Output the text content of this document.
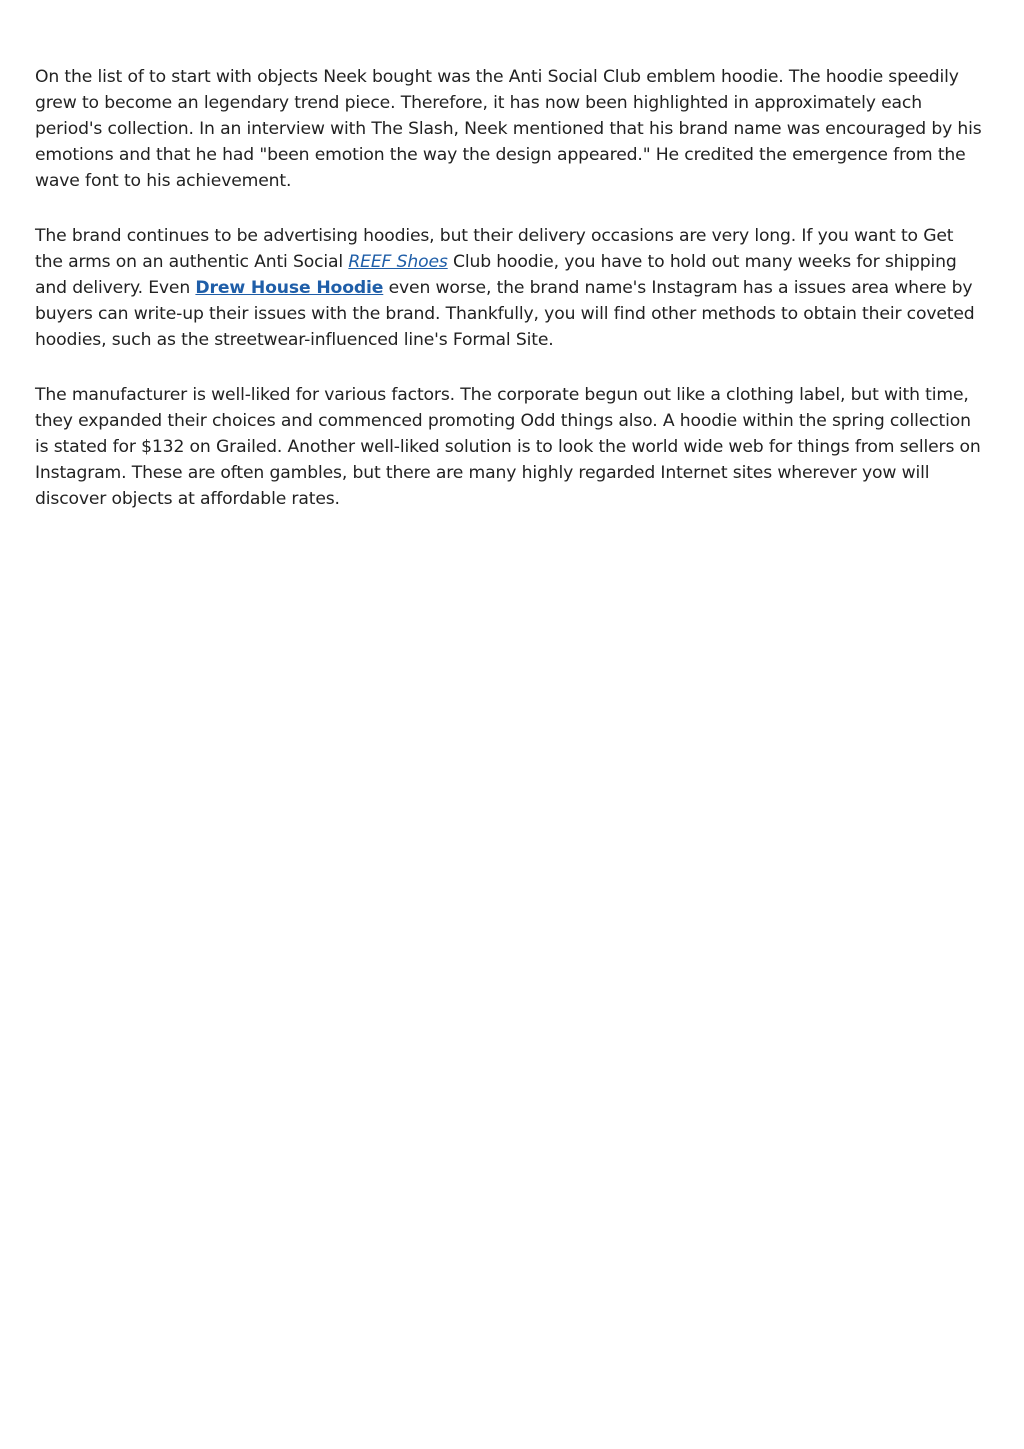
On the list of to start with objects Neek bought was the Anti Social Club emblem hoodie. The hoodie speedily grew to become an legendary trend piece. Therefore, it has now been highlighted in approximately each period's collection. In an interview with The Slash, Neek mentioned that his brand name was encouraged by his emotions and that he had "been emotion the way the design appeared." He credited the emergence from the wave font to his achievement.

The brand continues to be advertising hoodies, but their delivery occasions are very long. If you want to Get the arms on an authentic Anti Social REEF Shoes Club hoodie, you have to hold out many weeks for shipping and delivery. Even Drew House Hoodie even worse, the brand name's Instagram has a issues area where by buyers can write-up their issues with the brand. Thankfully, you will find other methods to obtain their coveted hoodies, such as the streetwear-influenced line's Formal Site.

The manufacturer is well-liked for various factors. The corporate begun out like a clothing label, but with time, they expanded their choices and commenced promoting Odd things also. A hoodie within the spring collection is stated for $132 on Grailed. Another well-liked solution is to look the world wide web for things from sellers on Instagram. These are often gambles, but there are many highly regarded Internet sites wherever yow will discover objects at affordable rates.
